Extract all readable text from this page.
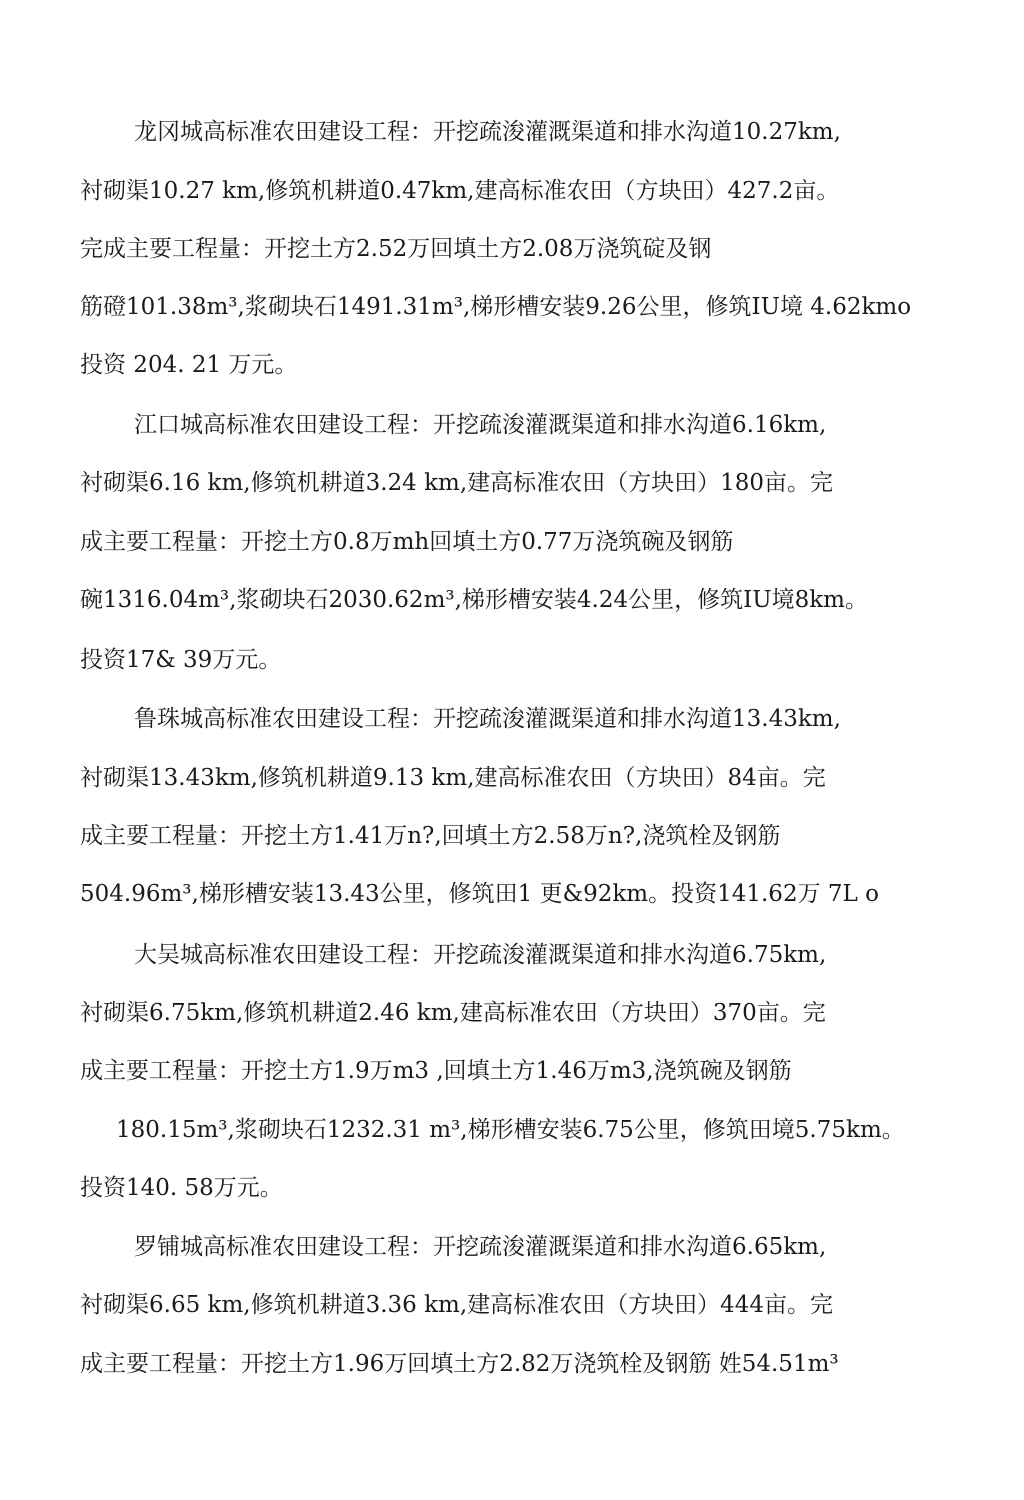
龙冈城高标准农田建设工程：开挖疏浚灌溉渠道和排水沟道10.27km,
衬砌渠10.27 km,修筑机耕道0.47km,建高标准农田（方块田）427.2亩。
完成主要工程量：开挖土方2.52万回填土方2.08万浇筑碇及钢
筋磴101.38m³,浆砌块石1491.31m³,梯形槽安装9.26公里，修筑IU境 4.62kmo
投资 204. 21 万元。
江口城高标准农田建设工程：开挖疏浚灌溉渠道和排水沟道6.16km,
衬砌渠6.16 km,修筑机耕道3.24 km,建高标准农田（方块田）180亩。完
成主要工程量：开挖土方0.8万mh回填土方0.77万浇筑碗及钢筋
碗1316.04m³,浆砌块石2030.62m³,梯形槽安装4.24公里，修筑IU境8km。
投资17& 39万元。
鲁珠城高标准农田建设工程：开挖疏浚灌溉渠道和排水沟道13.43km,
衬砌渠13.43km,修筑机耕道9.13 km,建高标准农田（方块田）84亩。完
成主要工程量：开挖土方1.41万n?,回填土方2.58万n?,浇筑栓及钢筋
504.96m³,梯形槽安装13.43公里，修筑田1 更&92km。投资141.62万 7L o
大吴城高标准农田建设工程：开挖疏浚灌溉渠道和排水沟道6.75km,
衬砌渠6.75km,修筑机耕道2.46 km,建高标准农田（方块田）370亩。完
成主要工程量：开挖土方1.9万m3 ,回填土方1.46万m3,浇筑碗及钢筋
180.15m³,浆砌块石1232.31 m³,梯形槽安装6.75公里，修筑田境5.75km。
投资140. 58万元。
罗铺城高标准农田建设工程：开挖疏浚灌溉渠道和排水沟道6.65km,
衬砌渠6.65 km,修筑机耕道3.36 km,建高标准农田（方块田）444亩。完
成主要工程量：开挖土方1.96万回填土方2.82万浇筑栓及钢筋 姓54.51m³
